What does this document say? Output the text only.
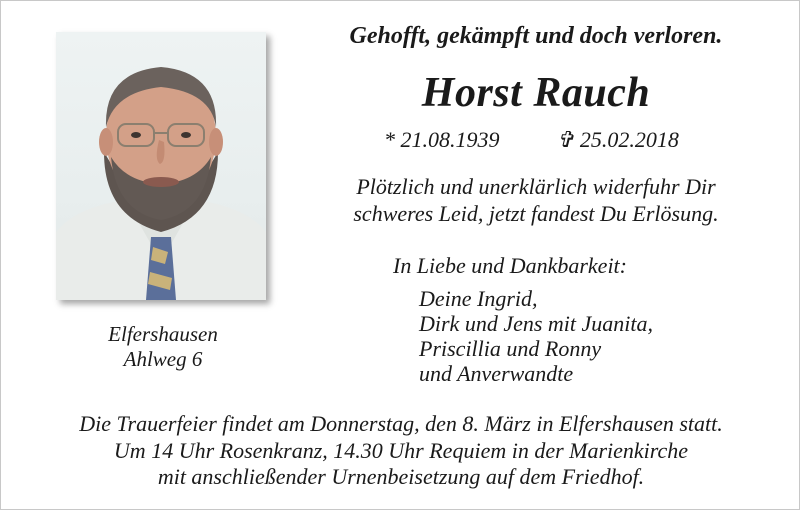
Elfershausen
Ahlweg 6
Gehofft, gekämpft und doch verloren.
Horst Rauch
* 21.08.1939	✞ 25.02.2018
Plötzlich und unerklärlich widerfuhr Dir
schweres Leid, jetzt fandest Du Erlösung.
In Liebe und Dankbarkeit:
Deine Ingrid,
Dirk und Jens mit Juanita,
Priscillia und Ronny
und Anverwandte
Die Trauerfeier findet am Donnerstag, den 8. März in Elfershausen statt.
Um 14 Uhr Rosenkranz, 14.30 Uhr Requiem in der Marienkirche
mit anschließender Urnenbeisetzung auf dem Friedhof.
